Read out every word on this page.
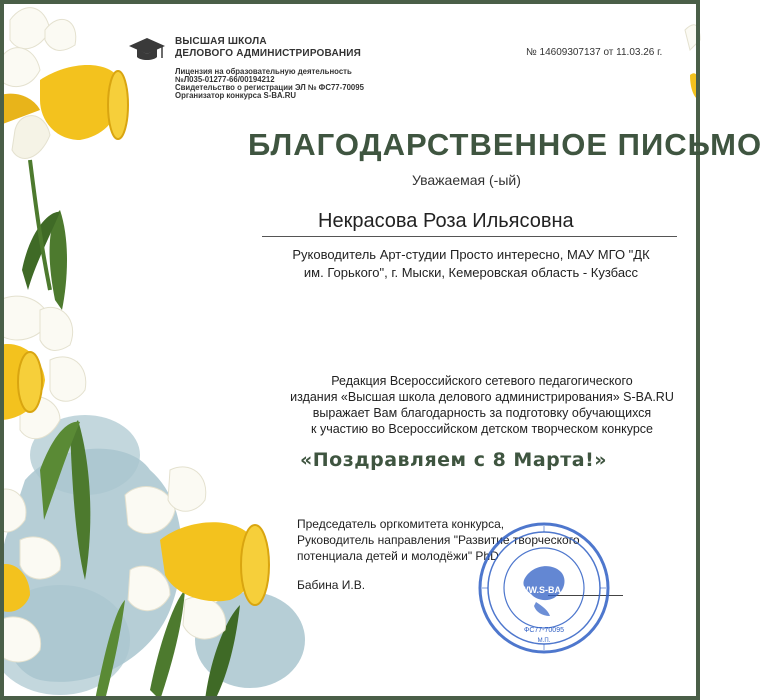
ВЫСШАЯ ШКОЛА
ДЕЛОВОГО АДМИНИСТРИРОВАНИЯ
Лицензия на образовательную деятельность
№Л035-01277-66/00194212
Свидетельство о регистрации ЭЛ № ФС77-70095
Организатор конкурса S-BA.RU
№ 14609307137 от 11.03.26 г.
БЛАГОДАРСТВЕННОЕ ПИСЬМО
Уважаемая (-ый)
Некрасова Роза Ильясовна
Руководитель Арт-студии Просто интересно, МАУ МГО "ДК
им. Горького", г. Мыски, Кемеровская область - Кузбасс
Редакция Всероссийского сетевого педагогического
издания «Высшая школа делового администрирования» S-BA.RU
выражает Вам благодарность за подготовку обучающихся
к участию во Всероссийском детском творческом конкурсе
«Поздравляем с 8 Марта!»
Председатель оргкомитета конкурса,
Руководитель направления "Развитие творческого
потенциала детей и молодёжи" PhD
Бабина И.В.	WWW.S-BA.RU
ФС77-70095
М.П.
